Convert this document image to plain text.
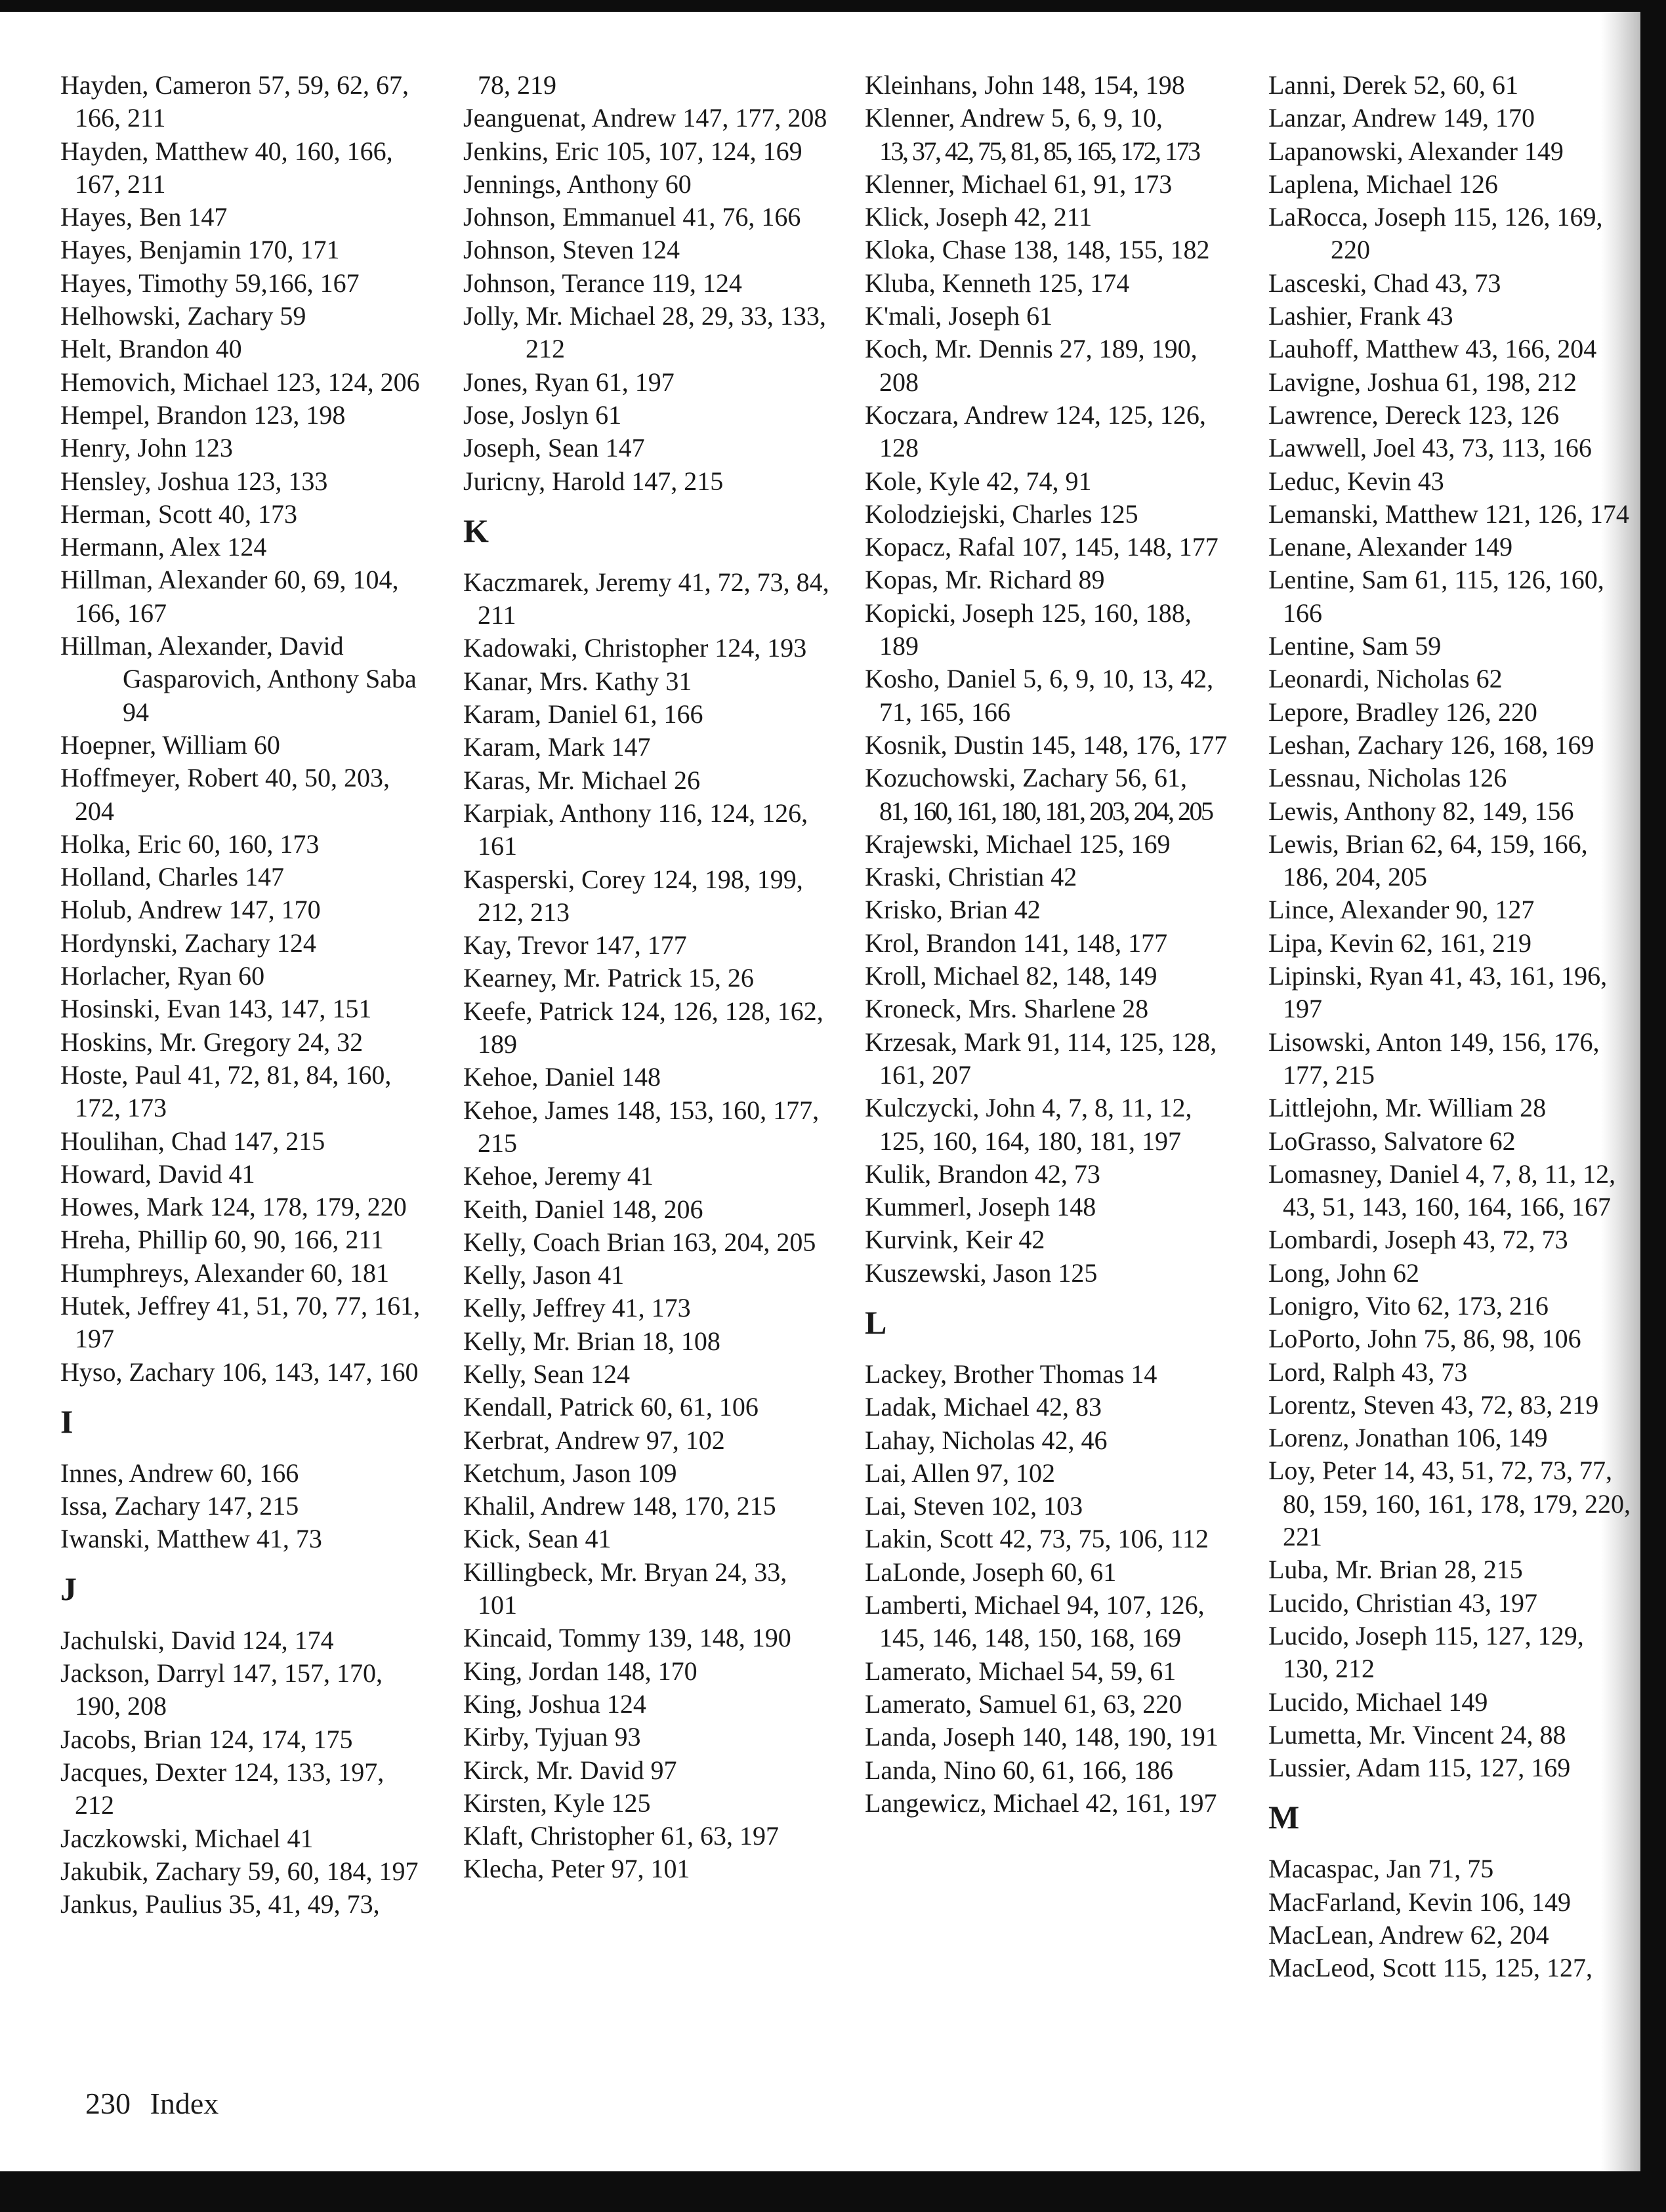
Hayden, Cameron 57, 59, 62, 67, 166, 211
Hayden, Matthew 40, 160, 166, 167, 211
Hayes, Ben 147
Hayes, Benjamin 170, 171
Hayes, Timothy 59,166, 167
Helhowski, Zachary 59
Helt, Brandon 40
Hemovich, Michael 123, 124, 206
Hempel, Brandon 123, 198
Henry, John 123
Hensley, Joshua 123, 133
Herman, Scott 40, 173
Hermann, Alex 124
Hillman, Alexander 60, 69, 104, 166, 167
Hillman, Alexander, David Gasparovich, Anthony Saba 94
Hoepner, William 60
Hoffmeyer, Robert 40, 50, 203, 204
Holka, Eric 60, 160, 173
Holland, Charles 147
Holub, Andrew 147, 170
Hordynski, Zachary 124
Horlacher, Ryan 60
Hosinski, Evan 143, 147, 151
Hoskins, Mr. Gregory 24, 32
Hoste, Paul 41, 72, 81, 84, 160, 172, 173
Houlihan, Chad 147, 215
Howard, David 41
Howes, Mark 124, 178, 179, 220
Hreha, Phillip 60, 90, 166, 211
Humphreys, Alexander 60, 181
Hutek, Jeffrey 41, 51, 70, 77, 161, 197
Hyso, Zachary 106, 143, 147, 160
I
Innes, Andrew 60, 166
Issa, Zachary 147, 215
Iwanski, Matthew 41, 73
J
Jachulski, David 124, 174
Jackson, Darryl 147, 157, 170, 190, 208
Jacobs, Brian 124, 174, 175
Jacques, Dexter 124, 133, 197, 212
Jaczkowski, Michael 41
Jakubik, Zachary 59, 60, 184, 197
Jankus, Paulius 35, 41, 49, 73,
78, 219
Jeanguenat, Andrew 147, 177, 208
Jenkins, Eric 105, 107, 124, 169
Jennings, Anthony 60
Johnson, Emmanuel 41, 76, 166
Johnson, Steven 124
Johnson, Terance 119, 124
Jolly, Mr. Michael 28, 29, 33, 133, 212
Jones, Ryan 61, 197
Jose, Joslyn 61
Joseph, Sean 147
Juricny, Harold 147, 215
K
Kaczmarek, Jeremy 41, 72, 73, 84, 211
Kadowaki, Christopher 124, 193
Kanar, Mrs. Kathy 31
Karam, Daniel 61, 166
Karam, Mark 147
Karas, Mr. Michael 26
Karpiak, Anthony 116, 124, 126, 161
Kasperski, Corey 124, 198, 199, 212, 213
Kay, Trevor 147, 177
Kearney, Mr. Patrick 15, 26
Keefe, Patrick 124, 126, 128, 162, 189
Kehoe, Daniel 148
Kehoe, James 148, 153, 160, 177, 215
Kehoe, Jeremy 41
Keith, Daniel 148, 206
Kelly, Coach Brian 163, 204, 205
Kelly, Jason 41
Kelly, Jeffrey 41, 173
Kelly, Mr. Brian 18, 108
Kelly, Sean 124
Kendall, Patrick 60, 61, 106
Kerbrat, Andrew 97, 102
Ketchum, Jason 109
Khalil, Andrew 148, 170, 215
Kick, Sean 41
Killingbeck, Mr. Bryan 24, 33, 101
Kincaid, Tommy 139, 148, 190
King, Jordan 148, 170
King, Joshua 124
Kirby, Tyjuan 93
Kirck, Mr. David 97
Kirsten, Kyle 125
Klaft, Christopher 61, 63, 197
Klecha, Peter 97, 101
Kleinhans, John 148, 154, 198
Klenner, Andrew 5, 6, 9, 10,
13, 37, 42, 75, 81, 85, 165, 172, 173
Klenner, Michael 61, 91, 173
Klick, Joseph 42, 211
Kloka, Chase 138, 148, 155, 182
Kluba, Kenneth 125, 174
K'mali, Joseph 61
Koch, Mr. Dennis 27, 189, 190, 208
Koczara, Andrew 124, 125, 126, 128
Kole, Kyle 42, 74, 91
Kolodziejski, Charles 125
Kopacz, Rafal 107, 145, 148, 177
Kopas, Mr. Richard 89
Kopicki, Joseph 125, 160, 188, 189
Kosho, Daniel 5, 6, 9, 10, 13, 42, 71, 165, 166
Kosnik, Dustin 145, 148, 176, 177
Kozuchowski, Zachary 56, 61,
81, 160, 161, 180, 181, 203, 204, 205
Krajewski, Michael 125, 169
Kraski, Christian 42
Krisko, Brian 42
Krol, Brandon 141, 148, 177
Kroll, Michael 82, 148, 149
Kroneck, Mrs. Sharlene 28
Krzesak, Mark 91, 114, 125, 128, 161, 207
Kulczycki, John 4, 7, 8, 11, 12, 125, 160, 164, 180, 181, 197
Kulik, Brandon 42, 73
Kummerl, Joseph 148
Kurvink, Keir 42
Kuszewski, Jason 125
L
Lackey, Brother Thomas 14
Ladak, Michael 42, 83
Lahay, Nicholas 42, 46
Lai, Allen 97, 102
Lai, Steven 102, 103
Lakin, Scott 42, 73, 75, 106, 112
LaLonde, Joseph 60, 61
Lamberti, Michael 94, 107, 126, 145, 146, 148, 150, 168, 169
Lamerato, Michael 54, 59, 61
Lamerato, Samuel 61, 63, 220
Landa, Joseph 140, 148, 190, 191
Landa, Nino 60, 61, 166, 186
Langewicz, Michael 42, 161, 197
Lanni, Derek 52, 60, 61
Lanzar, Andrew 149, 170
Lapanowski, Alexander 149
Laplena, Michael 126
LaRocca, Joseph 115, 126, 169, 220
Lasceski, Chad 43, 73
Lashier, Frank 43
Lauhoff, Matthew 43, 166, 204
Lavigne, Joshua 61, 198, 212
Lawrence, Dereck 123, 126
Lawwell, Joel 43, 73, 113, 166
Leduc, Kevin 43
Lemanski, Matthew 121, 126, 174
Lenane, Alexander 149
Lentine, Sam 61, 115, 126, 160, 166
Lentine, Sam 59
Leonardi, Nicholas 62
Lepore, Bradley 126, 220
Leshan, Zachary 126, 168, 169
Lessnau, Nicholas 126
Lewis, Anthony 82, 149, 156
Lewis, Brian 62, 64, 159, 166, 186, 204, 205
Lince, Alexander 90, 127
Lipa, Kevin 62, 161, 219
Lipinski, Ryan 41, 43, 161, 196, 197
Lisowski, Anton 149, 156, 176, 177, 215
Littlejohn, Mr. William 28
LoGrasso, Salvatore 62
Lomasney, Daniel 4, 7, 8, 11, 12, 43, 51, 143, 160, 164, 166, 167
Lombardi, Joseph 43, 72, 73
Long, John 62
Lonigro, Vito 62, 173, 216
LoPorto, John 75, 86, 98, 106
Lord, Ralph 43, 73
Lorentz, Steven 43, 72, 83, 219
Lorenz, Jonathan 106, 149
Loy, Peter 14, 43, 51, 72, 73, 77, 80, 159, 160, 161, 178, 179, 220, 221
Luba, Mr. Brian 28, 215
Lucido, Christian 43, 197
Lucido, Joseph 115, 127, 129, 130, 212
Lucido, Michael 149
Lumetta, Mr. Vincent 24, 88
Lussier, Adam 115, 127, 169
M
Macaspac, Jan 71, 75
MacFarland, Kevin 106, 149
MacLean, Andrew 62, 204
MacLeod, Scott 115, 125, 127,
230 Index
